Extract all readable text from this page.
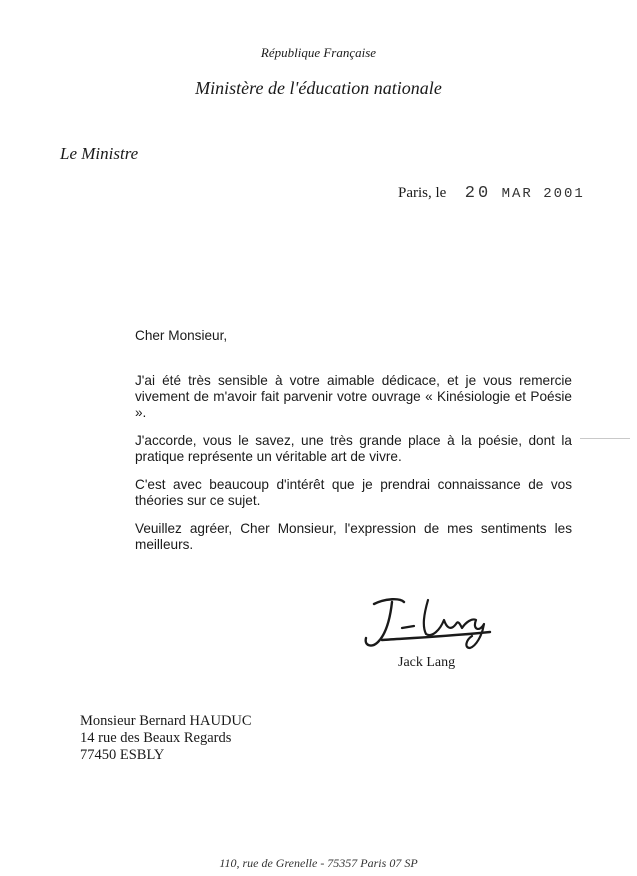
République Française
Ministère de l'éducation nationale
Le Ministre
Paris, le 20 MAR 2001
Cher Monsieur,
J'ai été très sensible à votre aimable dédicace, et je vous remercie vivement de m'avoir fait parvenir votre ouvrage « Kinésiologie et Poésie ».
J'accorde, vous le savez, une très grande place à la poésie, dont la pratique représente un véritable art de vivre.
C'est avec beaucoup d'intérêt que je prendrai connaissance de vos théories sur ce sujet.
Veuillez agréer, Cher Monsieur, l'expression de mes sentiments les meilleurs.
Jack Lang
Monsieur Bernard HAUDUC
14 rue des Beaux Regards
77450 ESBLY
110, rue de Grenelle - 75357 Paris 07 SP
